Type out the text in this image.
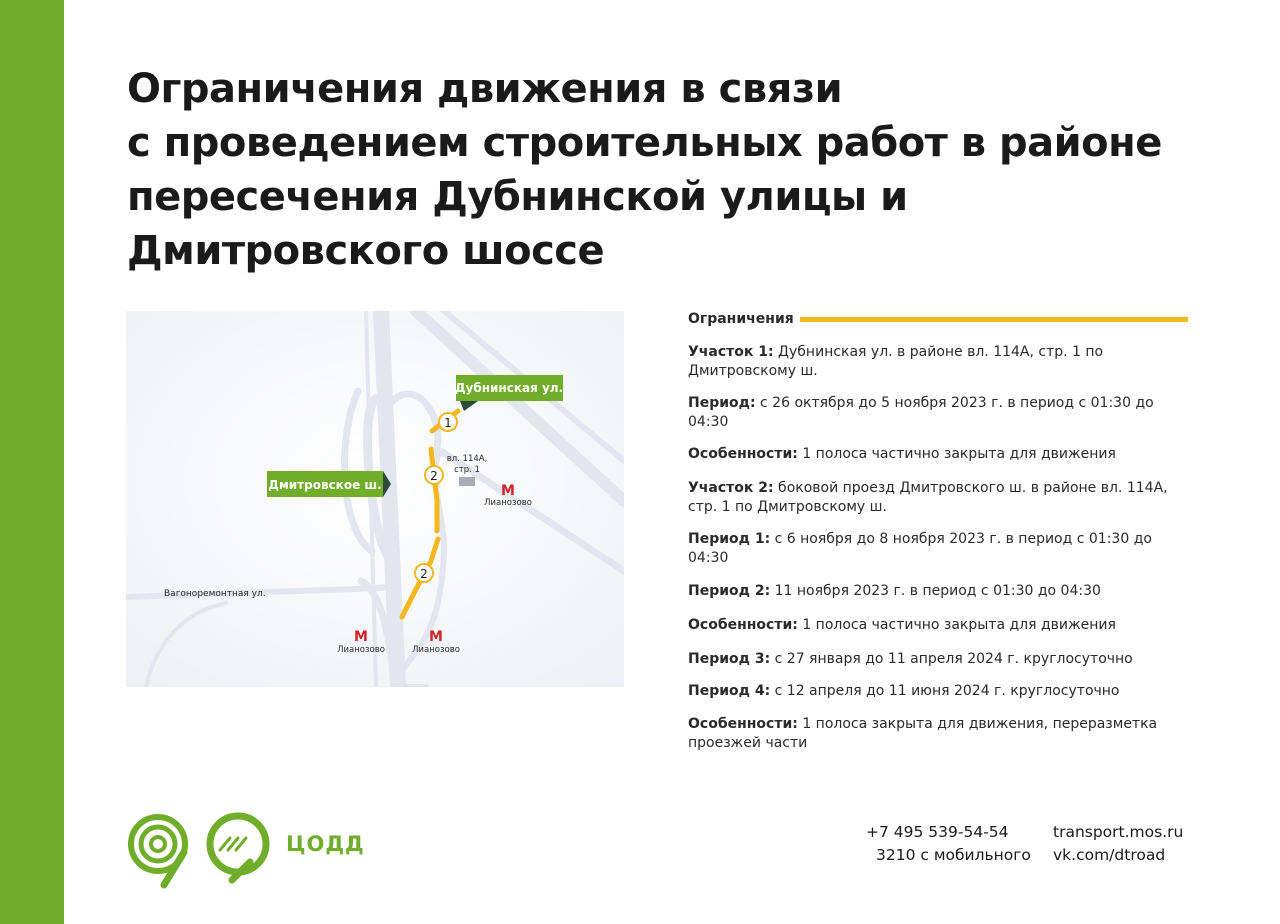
Ограничения движения в связи
с проведением строительных работ в районе
пересечения Дубнинской улицы и
Дмитровского шоссе
1
2
2
вл. 114А,
стр. 1
Дубнинская ул.
Дмитровское ш.
Вагоноремонтная ул.
М
Лианозово
М
Лианозово
М
Лианозово
Ограничения

Участок 1: Дубнинская ул. в районе вл. 114А, стр. 1 по Дмитровскому ш.

Период: с 26 октября до 5 ноября 2023 г. в период с 01:30 до 04:30

Особенности: 1 полоса частично закрыта для движения

Участок 2: боковой проезд Дмитровского ш. в районе вл. 114А, стр. 1 по Дмитровскому ш.

Период 1: с 6 ноября до 8 ноября 2023 г. в период с 01:30 до 04:30

Период 2: 11 ноября 2023 г. в период с 01:30 до 04:30

Особенности: 1 полоса частично закрыта для движения

Период 3: с 27 января до 11 апреля 2024 г. круглосуточно

Период 4: с 12 апреля до 11 июня 2024 г. круглосуточно

Особенности: 1 полоса закрыта для движения, переразметка проезжей части

ЦОДД	+7 495 539-54-54
3210 с мобильного
transport.mos.ru
vk.com/dtroad
